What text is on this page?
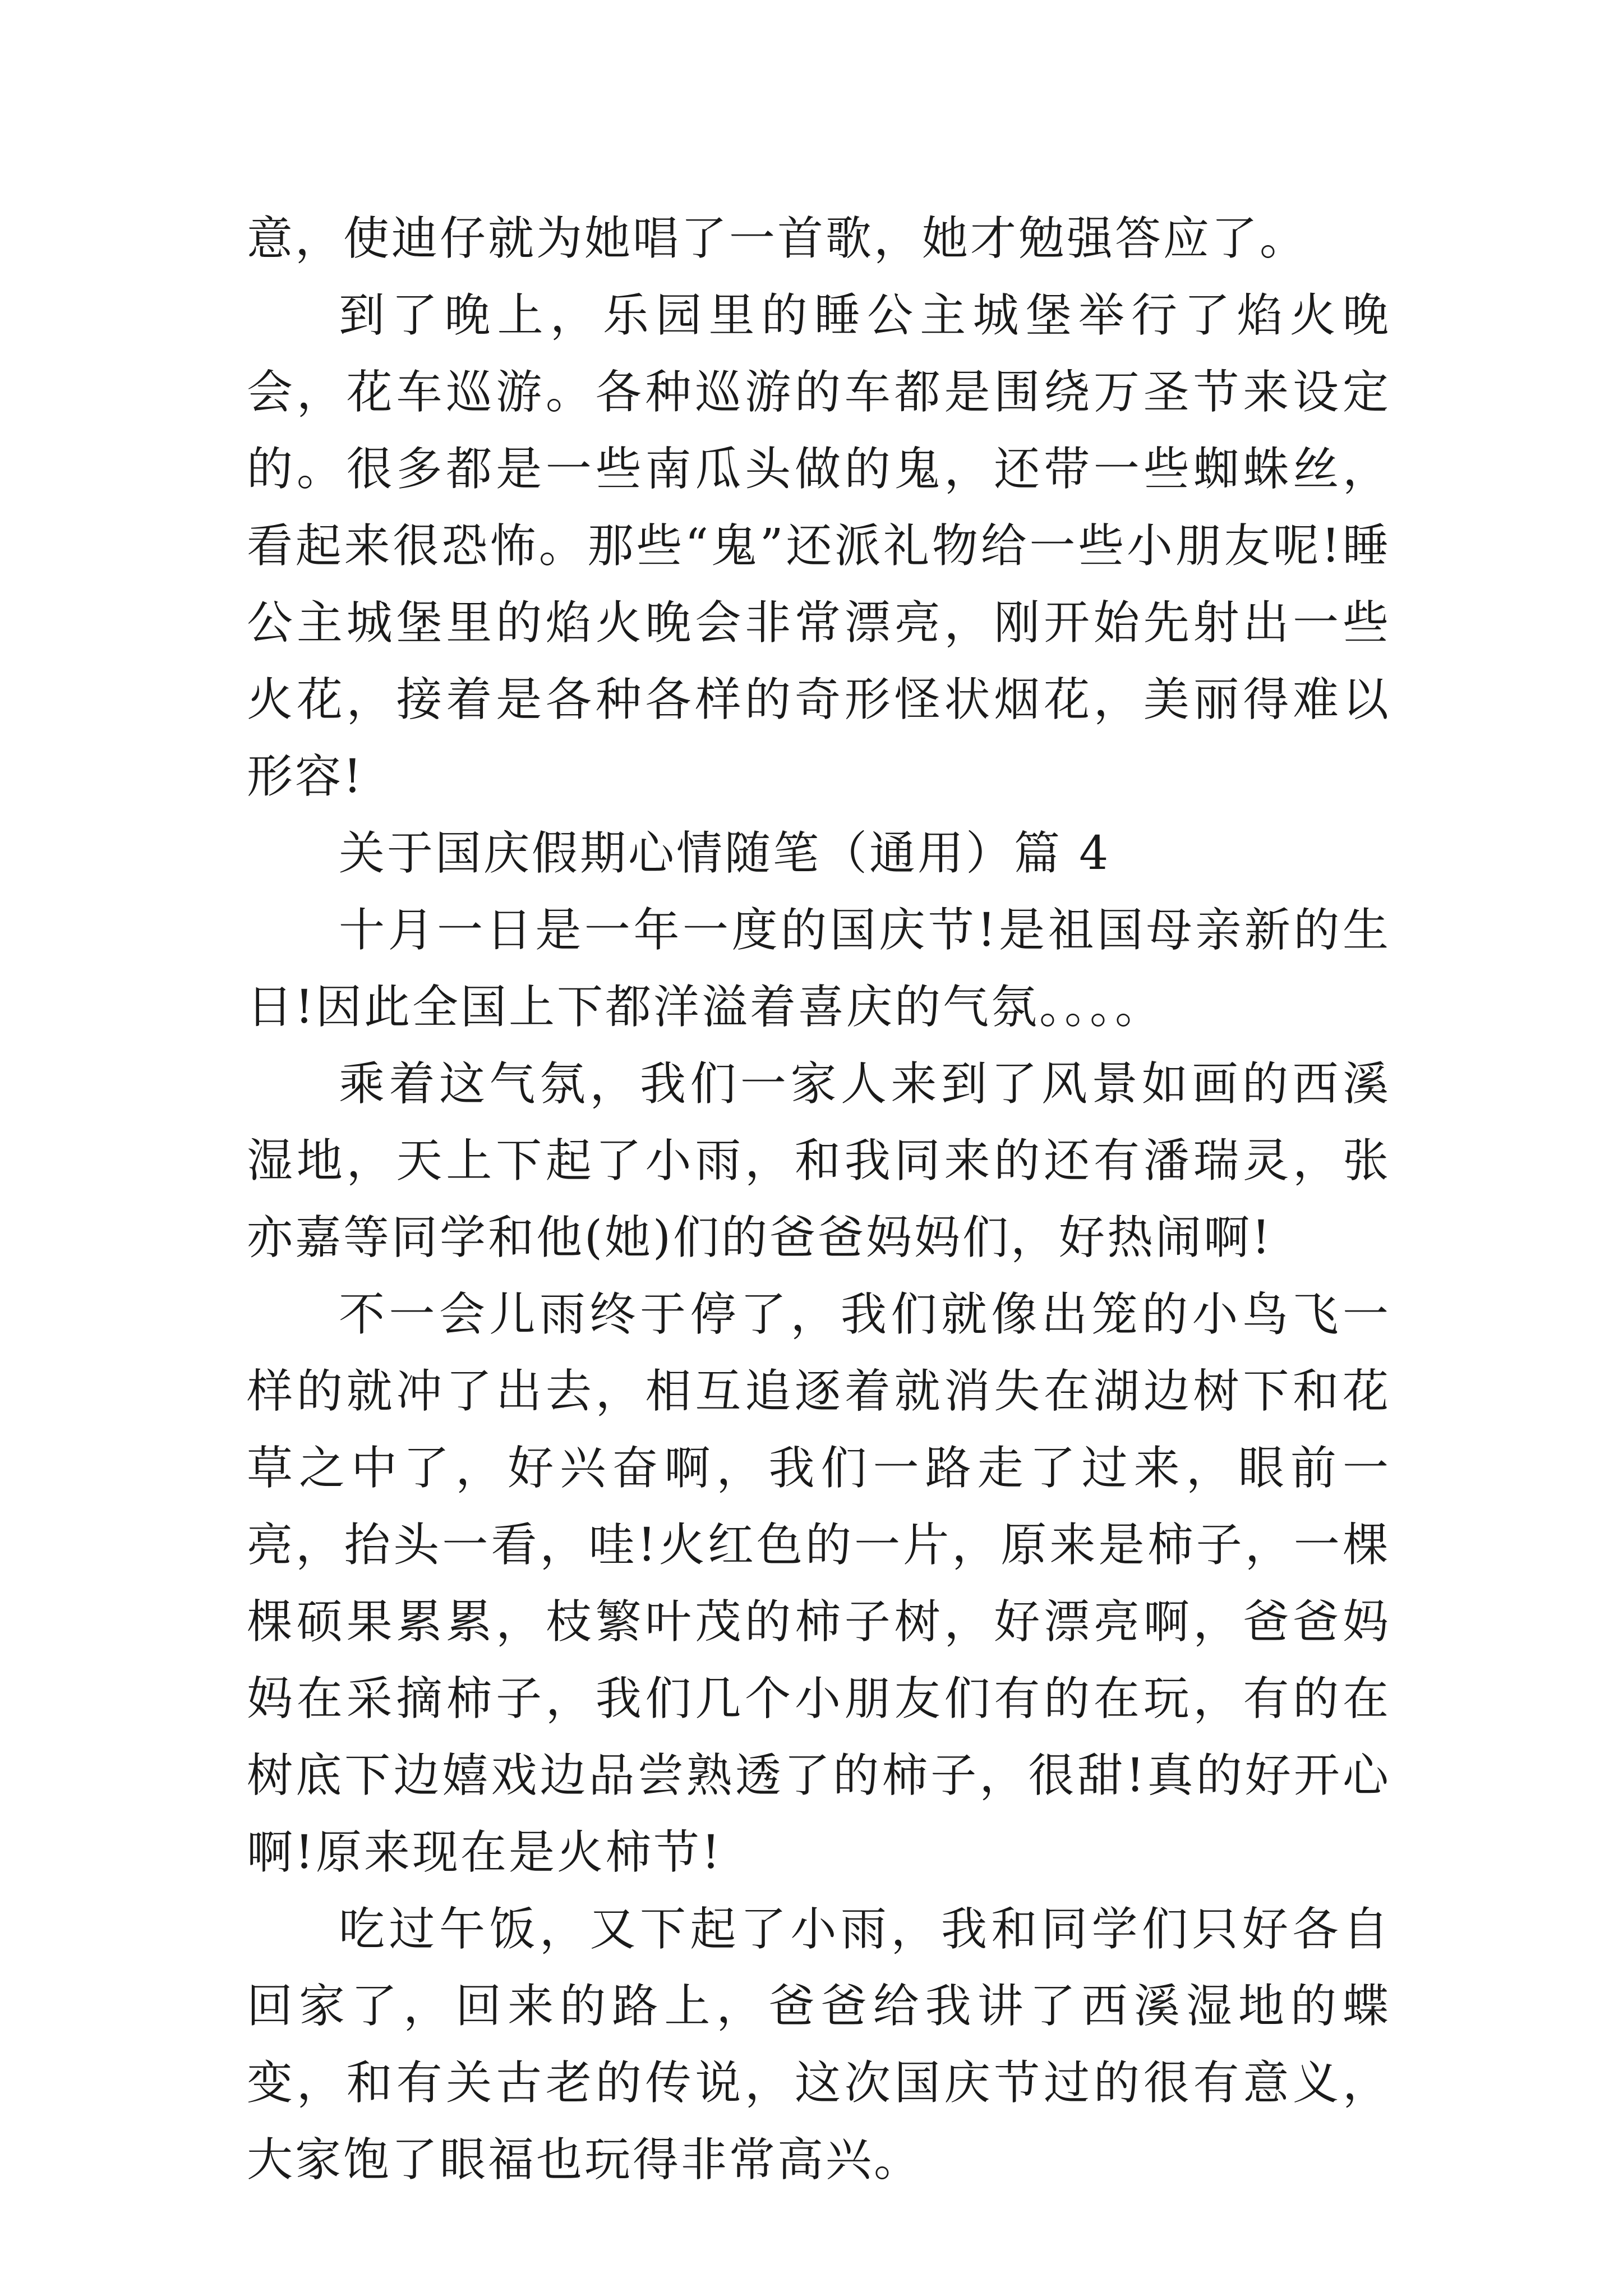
意，使迪仔就为她唱了一首歌，她才勉强答应了。

到了晚上，乐园里的睡公主城堡举行了焰火晚会，花车巡游。各种巡游的车都是围绕万圣节来设定的。很多都是一些南瓜头做的鬼，还带一些蜘蛛丝，看起来很恐怖。那些“鬼”还派礼物给一些小朋友呢!睡公主城堡里的焰火晚会非常漂亮，刚开始先射出一些火花，接着是各种各样的奇形怪状烟花，美丽得难以形容!

关于国庆假期心情随笔（通用）篇 4

十月一日是一年一度的国庆节!是祖国母亲新的生日!因此全国上下都洋溢着喜庆的气氛。。。。

乘着这气氛，我们一家人来到了风景如画的西溪湿地，天上下起了小雨，和我同来的还有潘瑞灵，张亦嘉等同学和他(她)们的爸爸妈妈们，好热闹啊!

不一会儿雨终于停了，我们就像出笼的小鸟飞一样的就冲了出去，相互追逐着就消失在湖边树下和花草之中了，好兴奋啊，我们一路走了过来，眼前一亮，抬头一看，哇!火红色的一片，原来是柿子，一棵棵硕果累累，枝繁叶茂的柿子树，好漂亮啊，爸爸妈妈在采摘柿子，我们几个小朋友们有的在玩，有的在树底下边嬉戏边品尝熟透了的柿子，很甜!真的好开心啊!原来现在是火柿节!

吃过午饭，又下起了小雨，我和同学们只好各自回家了，回来的路上，爸爸给我讲了西溪湿地的蝶变，和有关古老的传说，这次国庆节过的很有意义，大家饱了眼福也玩得非常高兴。
